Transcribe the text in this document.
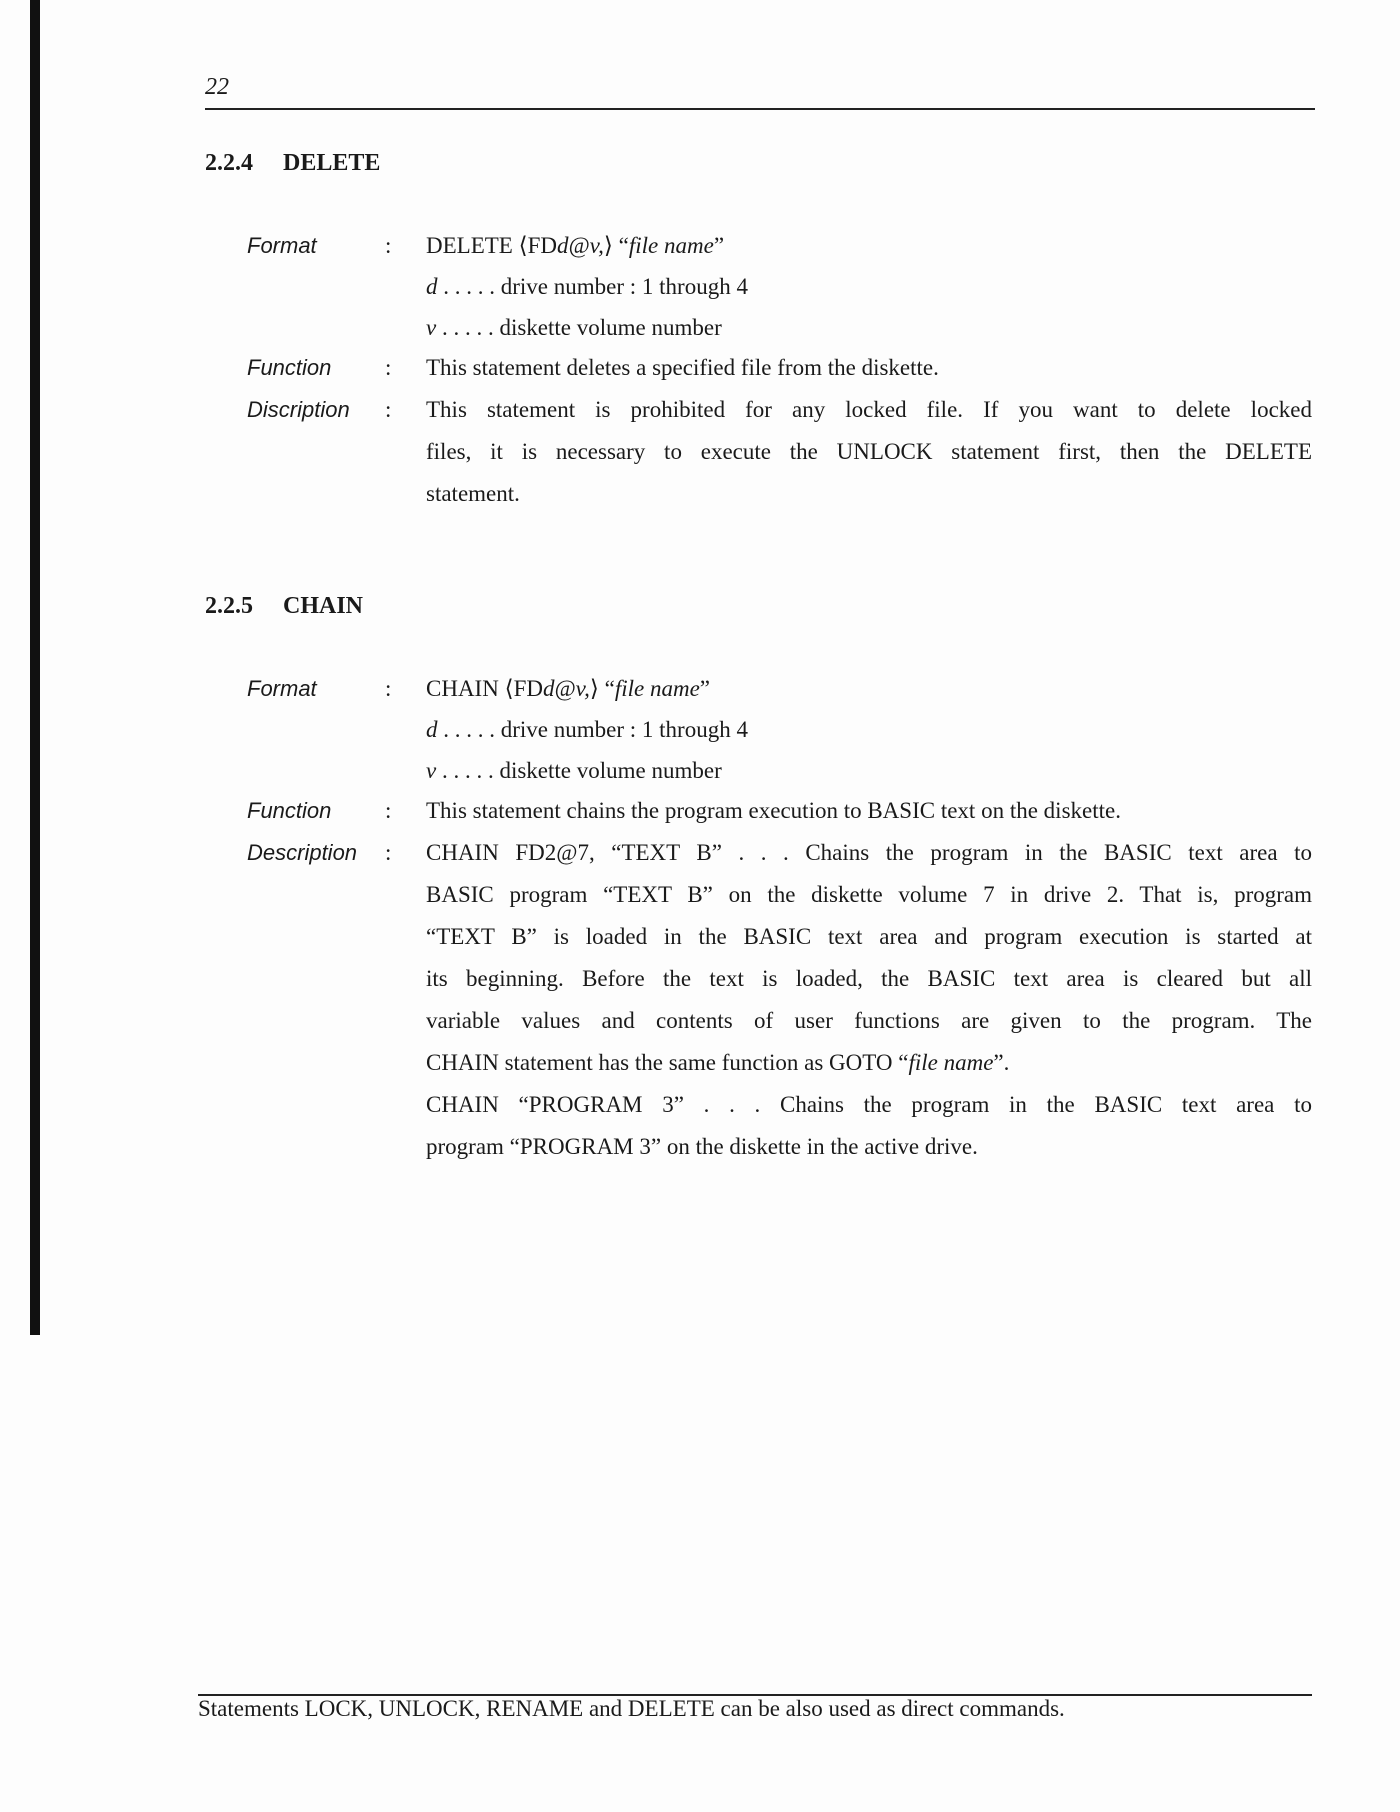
22
2.2.4 DELETE
Format	: DELETE ⟨FDd@v,⟩ “file name”
d . . . . . drive number : 1 through 4
v . . . . . diskette volume number
Function : This statement deletes a specified file from the diskette.
Discription : This statement is prohibited for any locked file. If you want to delete locked
files, it is necessary to execute the UNLOCK statement first, then the DELETE
statement.
2.2.5 CHAIN
Format	: CHAIN ⟨FDd@v,⟩ “file name”
d . . . . . drive number : 1 through 4
v . . . . . diskette volume number
Function : This statement chains the program execution to BASIC text on the diskette.
Description : CHAIN FD2@7, “TEXT B” . . . Chains the program in the BASIC text area to
BASIC program “TEXT B” on the diskette volume 7 in drive 2. That is, program
“TEXT B” is loaded in the BASIC text area and program execution is started at
its beginning. Before the text is loaded, the BASIC text area is cleared but all
variable values and contents of user functions are given to the program. The
CHAIN statement has the same function as GOTO “file name”.
CHAIN “PROGRAM 3” . . . Chains the program in the BASIC text area to
program “PROGRAM 3” on the diskette in the active drive.
Statements LOCK, UNLOCK, RENAME and DELETE can be also used as direct commands.
